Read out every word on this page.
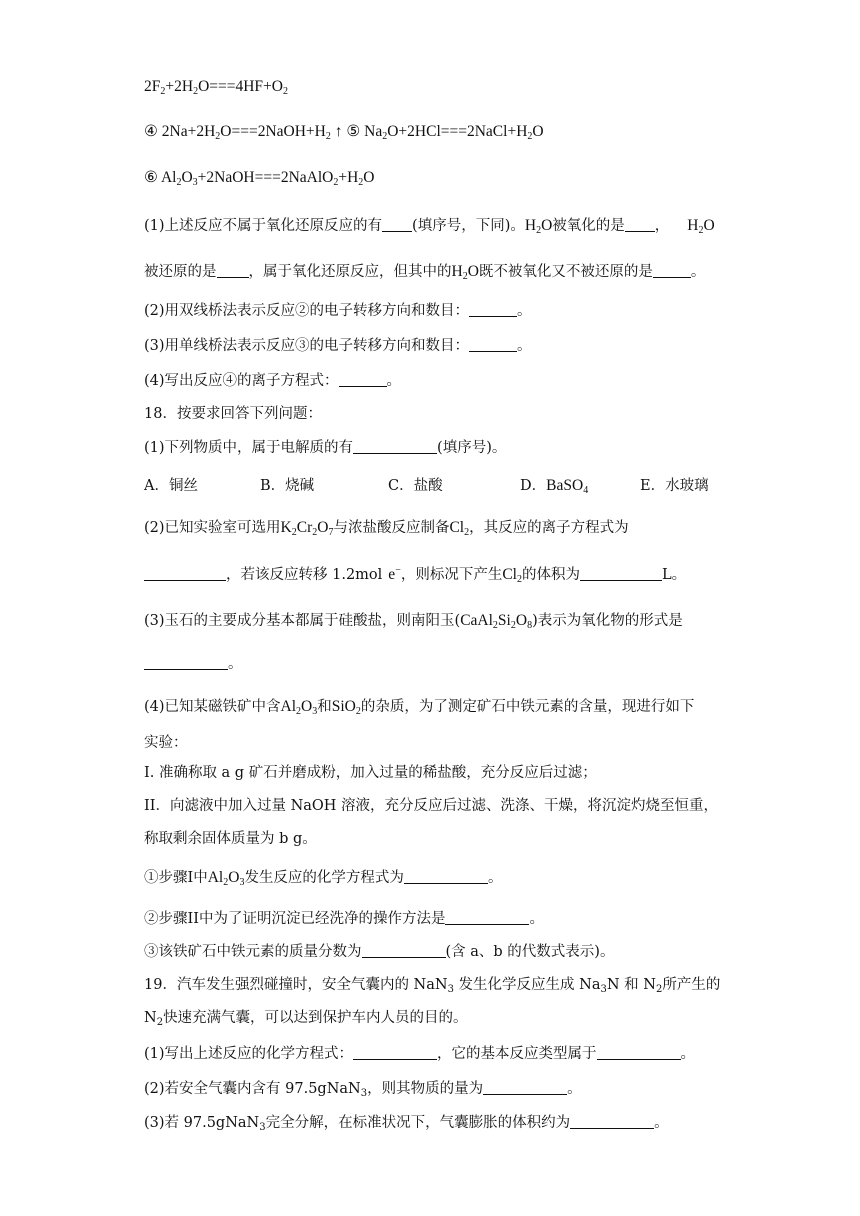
$2F_2+2H_2O===4HF+O_2$
④ $2Na+2H_2O===2NaOH+H_2$ ↑ ⑤ $Na_2O+2HCl===2NaCl+H_2O$
⑥ $Al_2O_3+2NaOH===2NaAlO_2+H_2O$
(1)上述反应不属于氧化还原反应的有 (填序号，下同)。$H_2O$被氧化的是 ， $H_2O$
被还原的是 ，属于氧化还原反应，但其中的$H_2O$既不被氧化又不被还原的是	。
(2)用双线桥法表示反应②的电子转移方向和数目：	。
(3)用单线桥法表示反应③的电子转移方向和数目：	。
(4)写出反应④的离子方程式：	。
18．按要求回答下列问题：
(1)下列物质中，属于电解质的有	(填序号)。
A．铜丝	B．烧碱	C．盐酸	D．BaSO$_4$	E．水玻璃
(2)已知实验室可选用$K_2Cr_2O_7$与浓盐酸反应制备$Cl_2$，其反应的离子方程式为
，若该反应转移 1.2mol e−，则标况下产生$Cl_2$的体积为	L。
(3)玉石的主要成分基本都属于硅酸盐，则南阳玉$(CaAl_2Si_2O_8)$表示为氧化物的形式是
。
(4)已知某磁铁矿中含$Al_2O_3$和SiO$_2$的杂质，为了测定矿石中铁元素的含量，现进行如下
实验：
I. 准确称取 a g 矿石并磨成粉，加入过量的稀盐酸，充分反应后过滤；
II．向滤液中加入过量 NaOH 溶液，充分反应后过滤、洗涤、干燥，将沉淀灼烧至恒重，
称取剩余固体质量为 b g。
①步骤I中$Al_2O_3$发生反应的化学方程式为	。
②步骤II中为了证明沉淀已经洗净的操作方法是	。
③该铁矿石中铁元素的质量分数为	(含 a、b 的代数式表示)。
19．汽车发生强烈碰撞时，安全气囊内的 NaN$_3$ 发生化学反应生成 $Na_3N$ 和 $N_2$所产生的
$N_2$快速充满气囊，可以达到保护车内人员的目的。
(1)写出上述反应的化学方程式：	，它的基本反应类型属于	。
(2)若安全气囊内含有 97.5gNaN$_3$，则其物质的量为	。
(3)若 97.5gNaN$_3$完全分解，在标准状况下，气囊膨胀的体积约为	。
